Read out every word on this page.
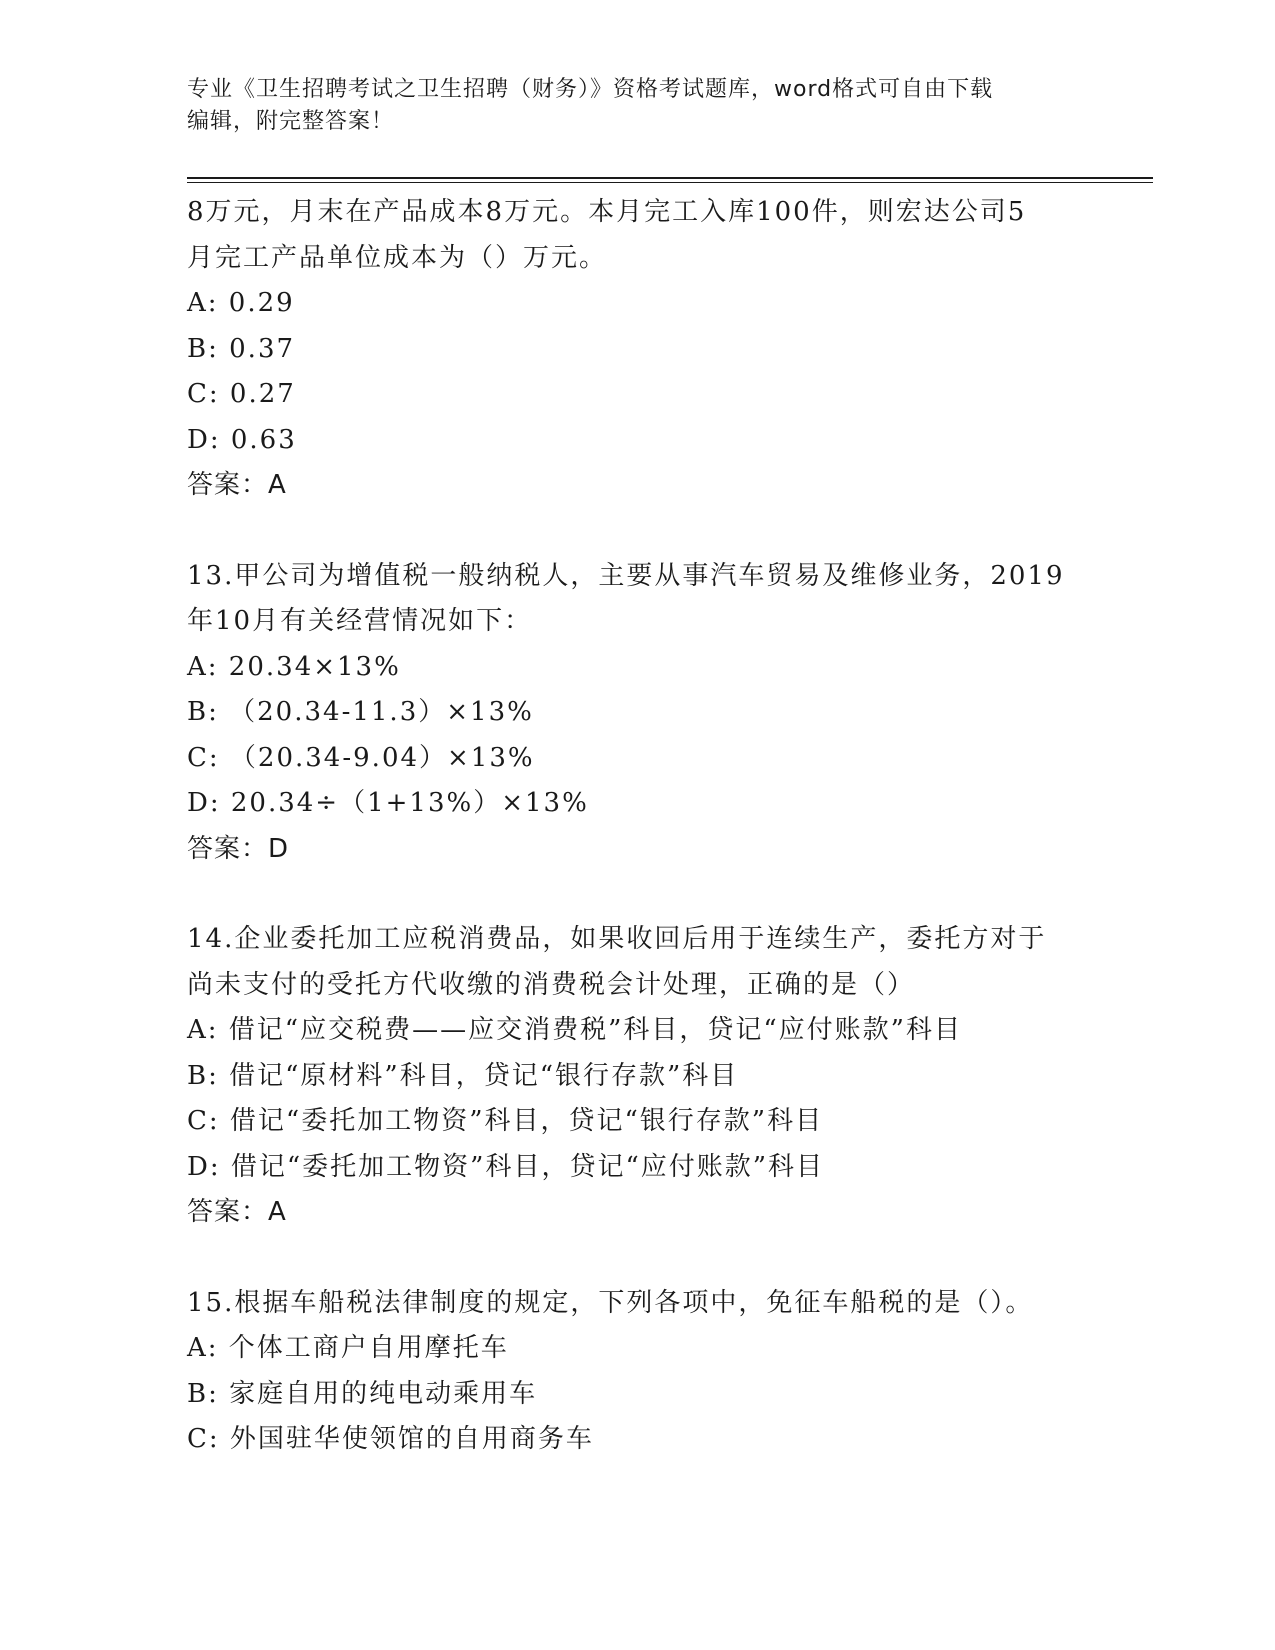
专业《卫生招聘考试之卫生招聘（财务）》资格考试题库，word格式可自由下载
编辑，附完整答案！
8万元，月末在产品成本8万元。本月完工入库100件，则宏达公司5
月完工产品单位成本为（）万元。
A: 0.29
B: 0.37
C: 0.27
D: 0.63
答案：A
13.甲公司为增值税一般纳税人，主要从事汽车贸易及维修业务，2019
年10月有关经营情况如下：
A: 20.34×13%
B: （20.34-11.3）×13%
C: （20.34-9.04）×13%
D: 20.34÷（1+13%）×13%
答案：D
14.企业委托加工应税消费品，如果收回后用于连续生产，委托方对于
尚未支付的受托方代收缴的消费税会计处理，正确的是（）
A: 借记“应交税费——应交消费税”科目，贷记“应付账款”科目
B: 借记“原材料”科目，贷记“银行存款”科目
C: 借记“委托加工物资”科目，贷记“银行存款”科目
D: 借记“委托加工物资”科目，贷记“应付账款”科目
答案：A
15.根据车船税法律制度的规定，下列各项中，免征车船税的是（）。
A: 个体工商户自用摩托车
B: 家庭自用的纯电动乘用车
C: 外国驻华使领馆的自用商务车
